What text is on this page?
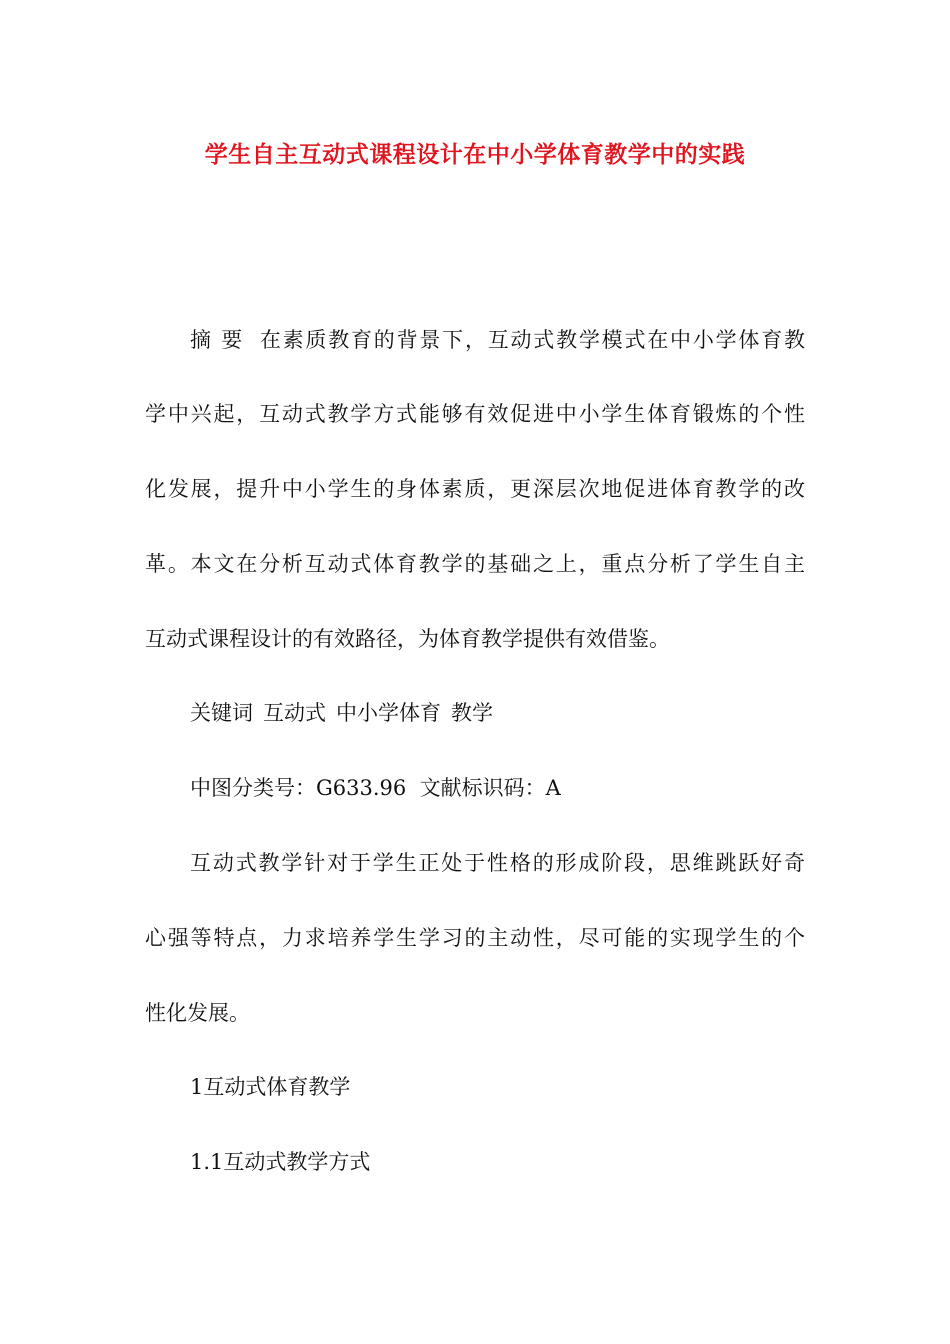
学生自主互动式课程设计在中小学体育教学中的实践
摘 要 在素质教育的背景下，互动式教学模式在中小学体育教
学中兴起，互动式教学方式能够有效促进中小学生体育锻炼的个性
化发展，提升中小学生的身体素质，更深层次地促进体育教学的改
革。本文在分析互动式体育教学的基础之上，重点分析了学生自主
互动式课程设计的有效路径，为体育教学提供有效借鉴。
关键词 互动式 中小学体育 教学
中图分类号：G633.96  文献标识码：A
互动式教学针对于学生正处于性格的形成阶段，思维跳跃好奇
心强等特点，力求培养学生学习的主动性，尽可能的实现学生的个
性化发展。
1互动式体育教学
1.1互动式教学方式
